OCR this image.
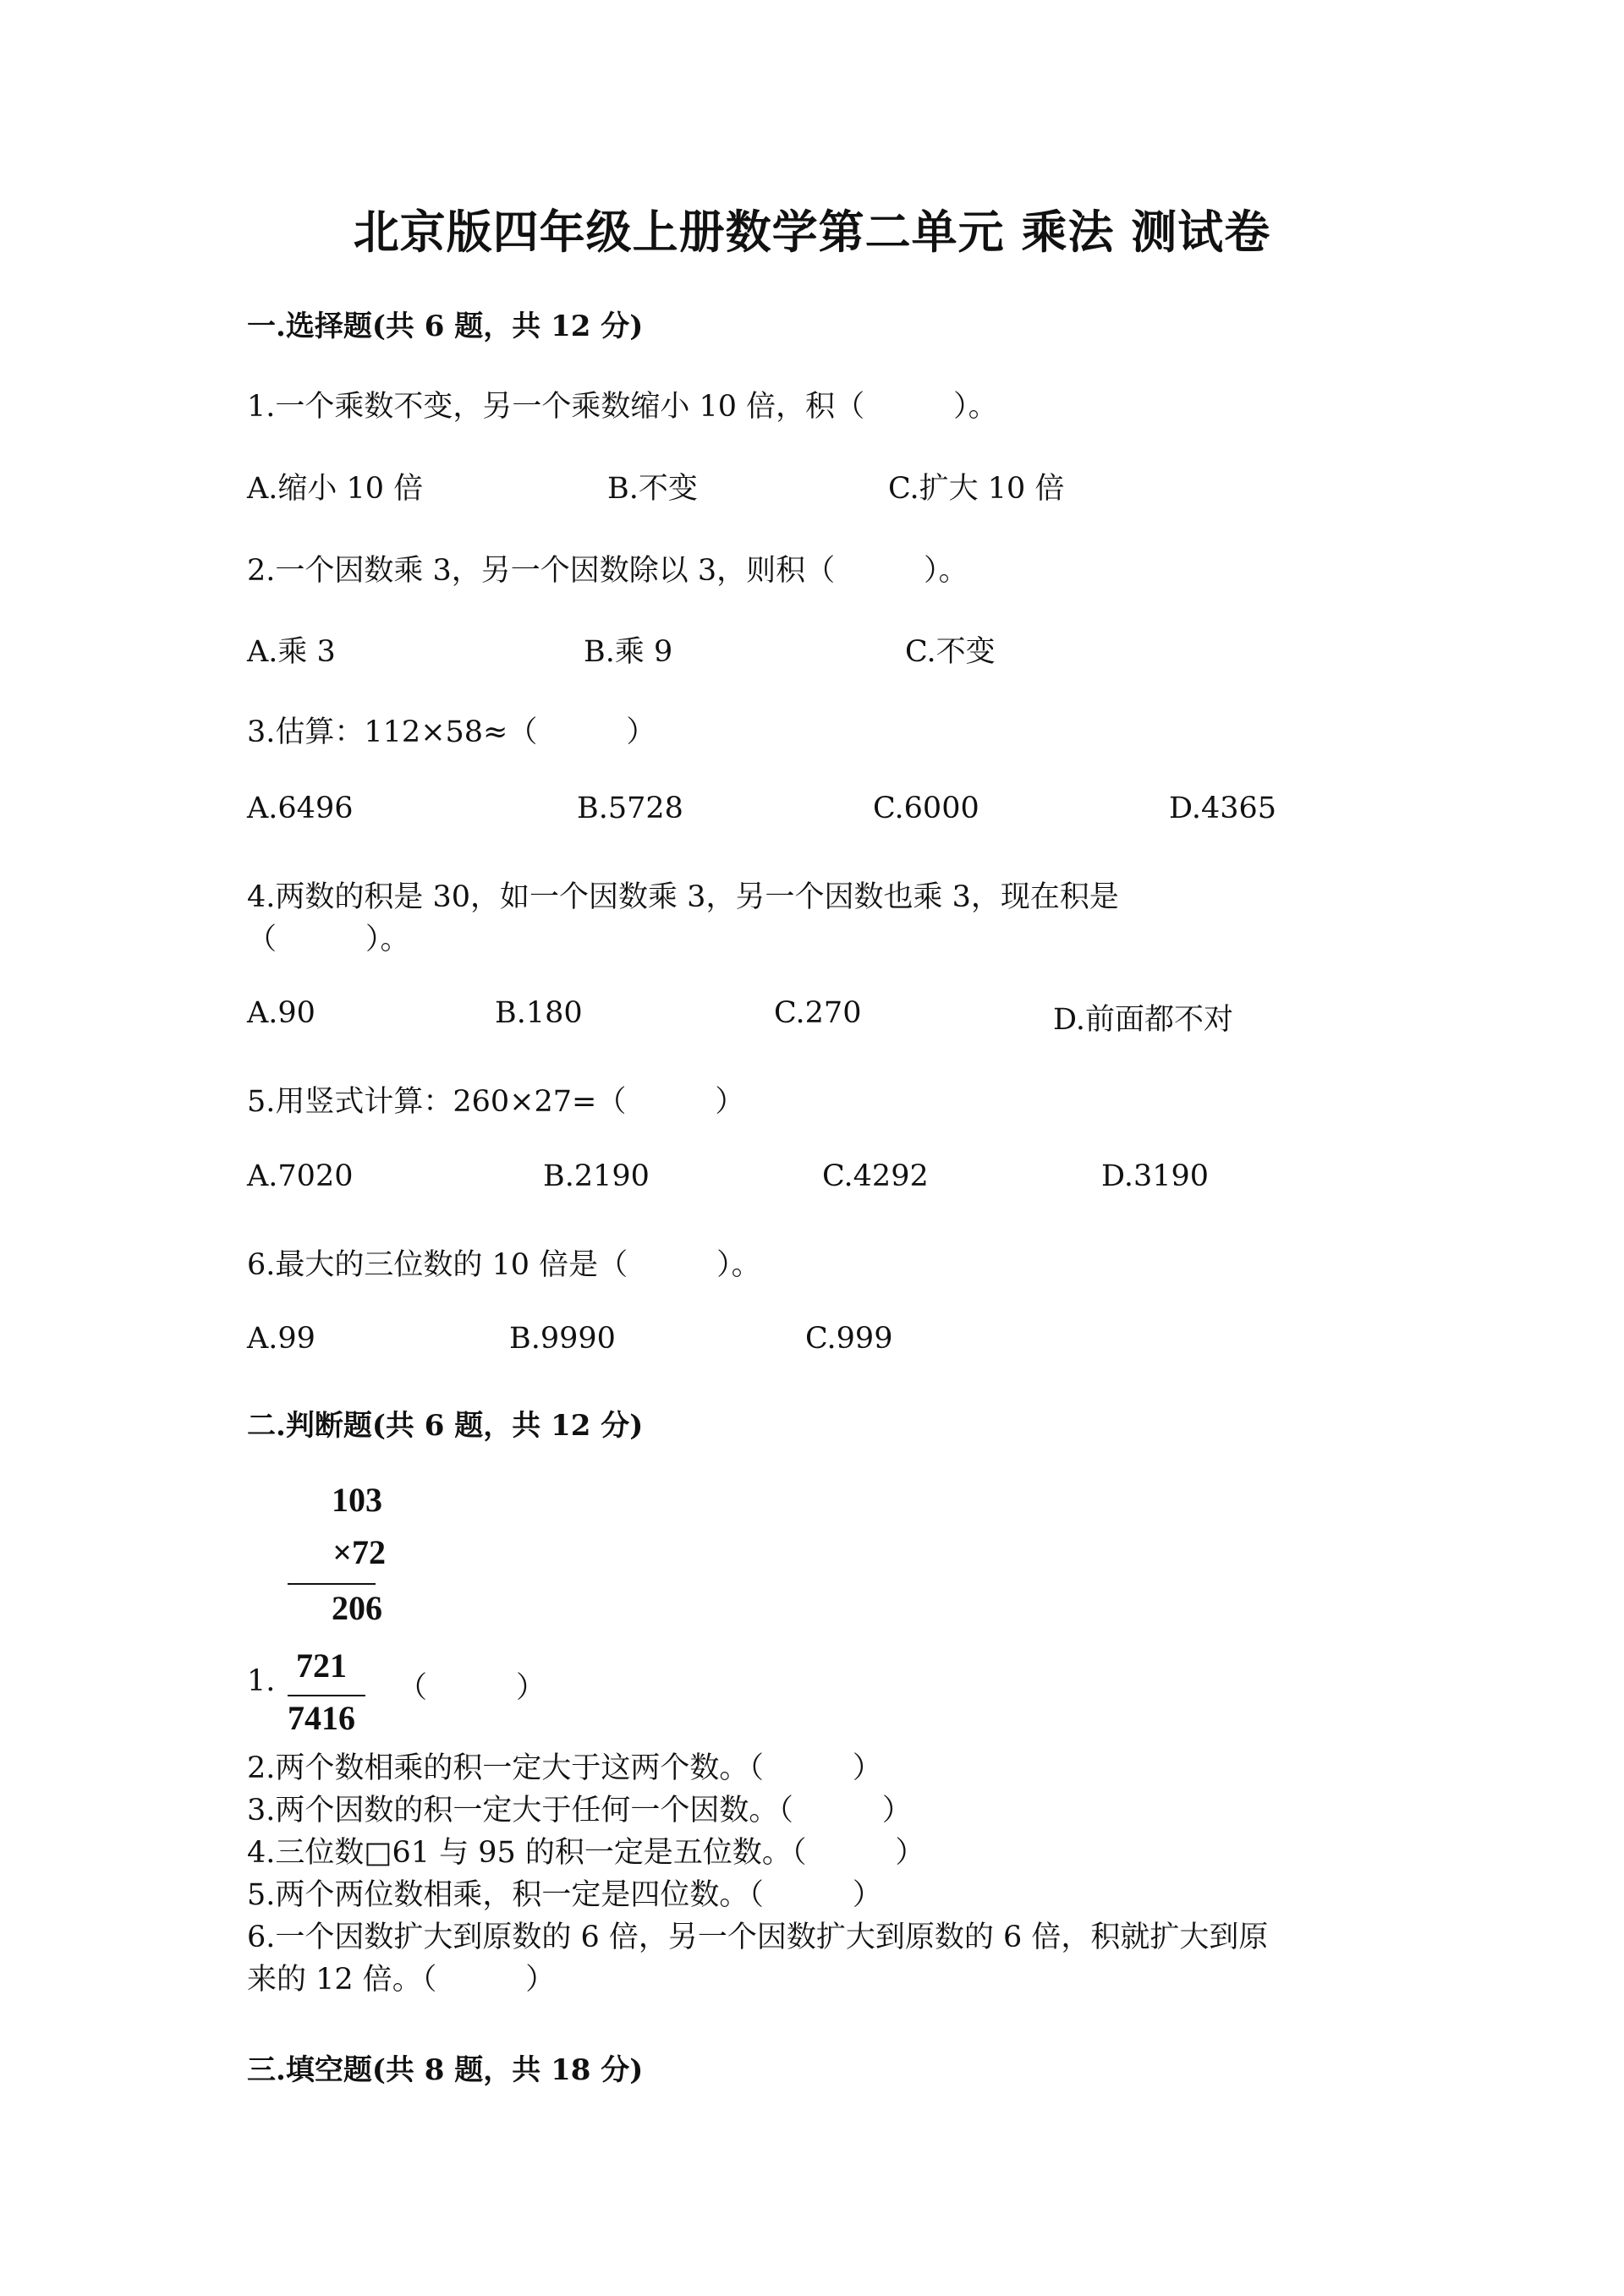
北京版四年级上册数学第二单元 乘法 测试卷
一.选择题(共 6 题，共 12 分)
1.一个乘数不变，另一个乘数缩小 10 倍，积（　　　）。
A.缩小 10 倍	B.不变	C.扩大 10 倍
2.一个因数乘 3，另一个因数除以 3，则积（　　　）。
A.乘 3	B.乘 9	C.不变
3.估算：112×58≈（　　　）
A.6496	B.5728	C.6000	D.4365
4.两数的积是 30，如一个因数乘 3，另一个因数也乘 3，现在积是
（　　　）。
A.90	B.180	C.270	D.前面都不对
5.用竖式计算：260×27=（　　　）
A.7020	B.2190	C.4292	D.3190
6.最大的三位数的 10 倍是（　　　）。
A.99	B.9990	C.999
二.判断题(共 6 题，共 12 分)
103
×72
206
1. 721
7416
（　　　）
2.两个数相乘的积一定大于这两个数。（　　　）
3.两个因数的积一定大于任何一个因数。（　　　）
4.三位数□61 与 95 的积一定是五位数。（　　　）
5.两个两位数相乘，积一定是四位数。（　　　）
6.一个因数扩大到原数的 6 倍，另一个因数扩大到原数的 6 倍，积就扩大到原
来的 12 倍。（　　　）
三.填空题(共 8 题，共 18 分)
